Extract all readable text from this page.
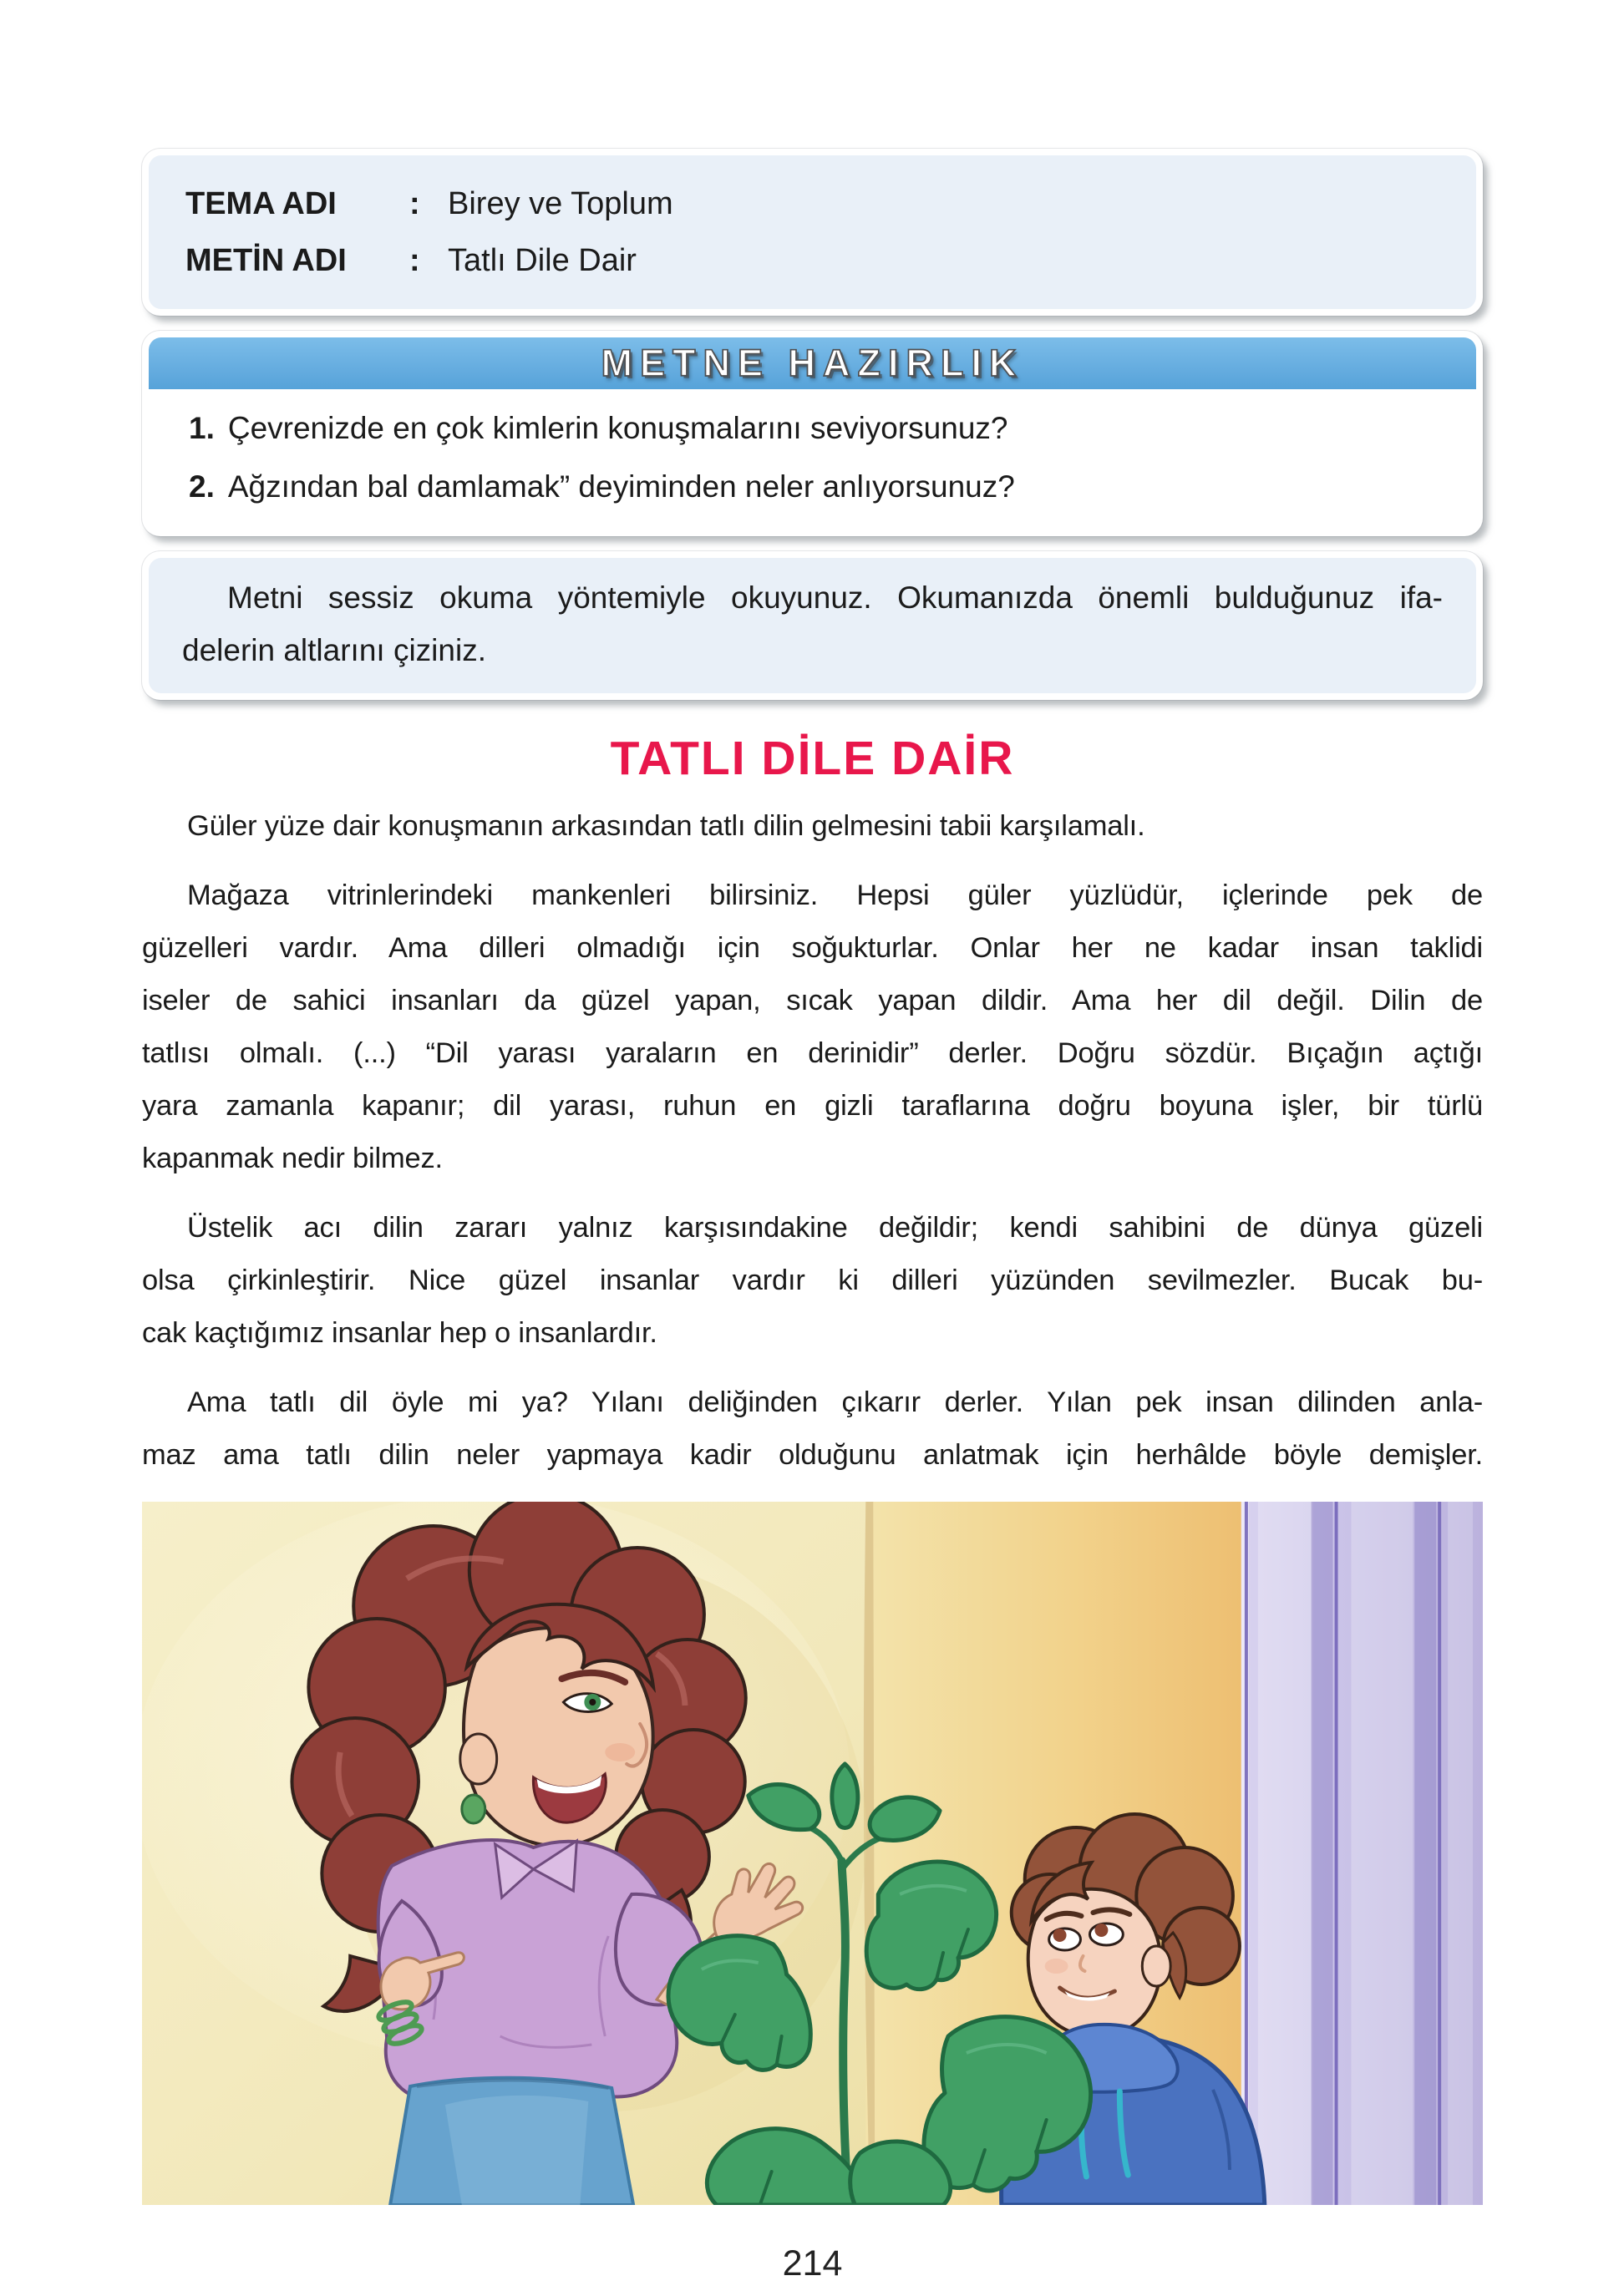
TEMA ADI	: Birey ve Toplum
METİN ADI	: Tatlı Dile Dair
METNE HAZIRLIK
1. Çevrenizde en çok kimlerin konuşmalarını seviyorsunuz?
2. Ağzından bal damlamak” deyiminden neler anlıyorsunuz?
Metni sessiz okuma yöntemiyle okuyunuz. Okumanızda önemli bulduğunuz ifa-
delerin altlarını çiziniz.
TATLI DİLE DAİR
Güler yüze dair konuşmanın arkasından tatlı dilin gelmesini tabii karşılamalı.
Mağaza vitrinlerindeki mankenleri bilirsiniz. Hepsi güler yüzlüdür, içlerinde pek de
güzelleri vardır. Ama dilleri olmadığı için soğukturlar. Onlar her ne kadar insan taklidi
iseler de sahici insanları da güzel yapan, sıcak yapan dildir. Ama her dil değil. Dilin de
tatlısı olmalı. (...) “Dil yarası yaraların en derinidir” derler. Doğru sözdür. Bıçağın açtığı
yara zamanla kapanır; dil yarası, ruhun en gizli taraflarına doğru boyuna işler, bir türlü
kapanmak nedir bilmez.
Üstelik acı dilin zararı yalnız karşısındakine değildir; kendi sahibini de dünya güzeli
olsa çirkinleştirir. Nice güzel insanlar vardır ki dilleri yüzünden sevilmezler. Bucak bu-
cak kaçtığımız insanlar hep o insanlardır.
Ama tatlı dil öyle mi ya? Yılanı deliğinden çıkarır derler. Yılan pek insan dilinden anla-
maz ama tatlı dilin neler yapmaya kadir olduğunu anlatmak için herhâlde böyle demişler.
214
